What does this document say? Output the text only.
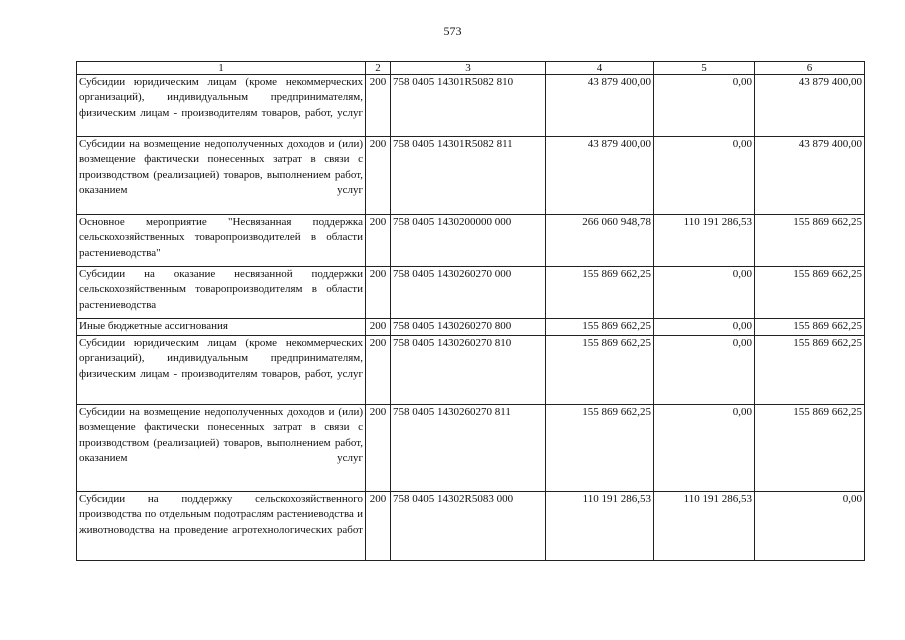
573
1	2	3	4	5	6
Субсидии юридическим лицам (кроме некоммерческих организаций), индивидуальным предпринимателям, физическим лицам - производителям товаров, работ, услуг	200	758 0405 14301R5082 810	43 879 400,00	0,00	43 879 400,00
Субсидии на возмещение недополученных доходов и (или) возмещение фактически понесенных затрат в связи с производством (реализацией) товаров, выполнением работ, оказанием услуг	200	758 0405 14301R5082 811	43 879 400,00	0,00	43 879 400,00
Основное мероприятие "Несвязанная поддержка сельскохозяйственных товаропроизводителей в области растениеводства"	200	758 0405 1430200000 000	266 060 948,78	110 191 286,53	155 869 662,25
Субсидии на оказание несвязанной поддержки сельскохозяйственным товаропроизводителям в области растениеводства	200	758 0405 1430260270 000	155 869 662,25	0,00	155 869 662,25
Иные бюджетные ассигнования	200	758 0405 1430260270 800	155 869 662,25	0,00	155 869 662,25
Субсидии юридическим лицам (кроме некоммерческих организаций), индивидуальным предпринимателям, физическим лицам - производителям товаров, работ, услуг	200	758 0405 1430260270 810	155 869 662,25	0,00	155 869 662,25
Субсидии на возмещение недополученных доходов и (или) возмещение фактически понесенных затрат в связи с производством (реализацией) товаров, выполнением работ, оказанием услуг	200	758 0405 1430260270 811	155 869 662,25	0,00	155 869 662,25
Субсидии на поддержку сельскохозяйственного производства по отдельным подотраслям растениеводства и животноводства на проведение агротехнологических работ	200	758 0405 14302R5083 000	110 191 286,53	110 191 286,53	0,00
